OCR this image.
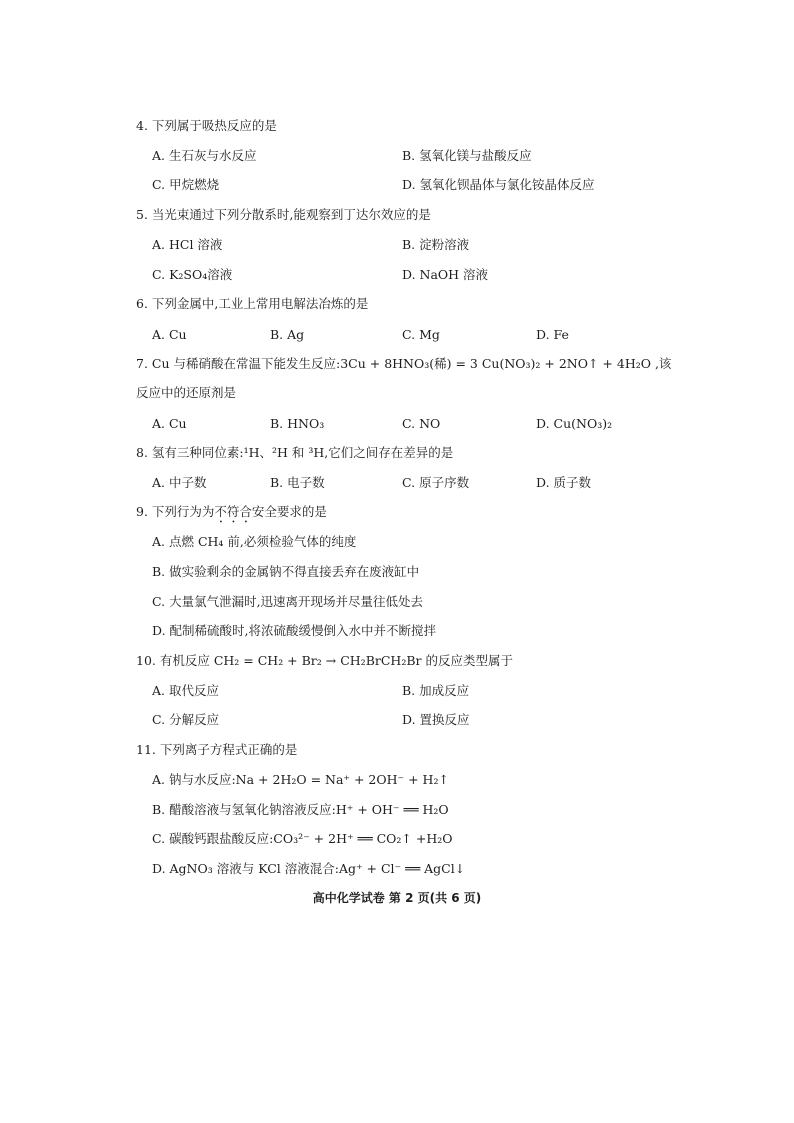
4. 下列属于吸热反应的是
A. 生石灰与水反应	B. 氢氧化镁与盐酸反应
C. 甲烷燃烧	D. 氢氧化钡晶体与氯化铵晶体反应
5. 当光束通过下列分散系时,能观察到丁达尔效应的是
A. HCl 溶液	B. 淀粉溶液
C. K₂SO₄溶液	D. NaOH 溶液
6. 下列金属中,工业上常用电解法冶炼的是
A. Cu	B. Ag	C. Mg	D. Fe
7. Cu 与稀硝酸在常温下能发生反应:3Cu + 8HNO₃(稀) = 3 Cu(NO₃)₂ + 2NO↑ + 4H₂O ,该
反应中的还原剂是
A. Cu	B. HNO₃	C. NO	D. Cu(NO₃)₂
8. 氢有三种同位素:¹H、²H 和 ³H,它们之间存在差异的是
A. 中子数	B. 电子数	C. 原子序数	D. 质子数
9. 下列行为为不符合安全要求的是
A. 点燃 CH₄ 前,必须检验气体的纯度
B. 做实验剩余的金属钠不得直接丢弃在废液缸中
C. 大量氯气泄漏时,迅速离开现场并尽量往低处去
D. 配制稀硫酸时,将浓硫酸缓慢倒入水中并不断搅拌
10. 有机反应 CH₂ = CH₂ + Br₂ → CH₂BrCH₂Br 的反应类型属于
A. 取代反应	B. 加成反应
C. 分解反应	D. 置换反应
11. 下列离子方程式正确的是
A. 钠与水反应:Na + 2H₂O = Na⁺ + 2OH⁻ + H₂↑
B. 醋酸溶液与氢氧化钠溶液反应:H⁺ + OH⁻ ══ H₂O
C. 碳酸钙跟盐酸反应:CO₃²⁻ + 2H⁺ ══ CO₂↑ +H₂O
D. AgNO₃ 溶液与 KCl 溶液混合:Ag⁺ + Cl⁻ ══ AgCl↓
高中化学试卷 第 2 页(共 6 页)
